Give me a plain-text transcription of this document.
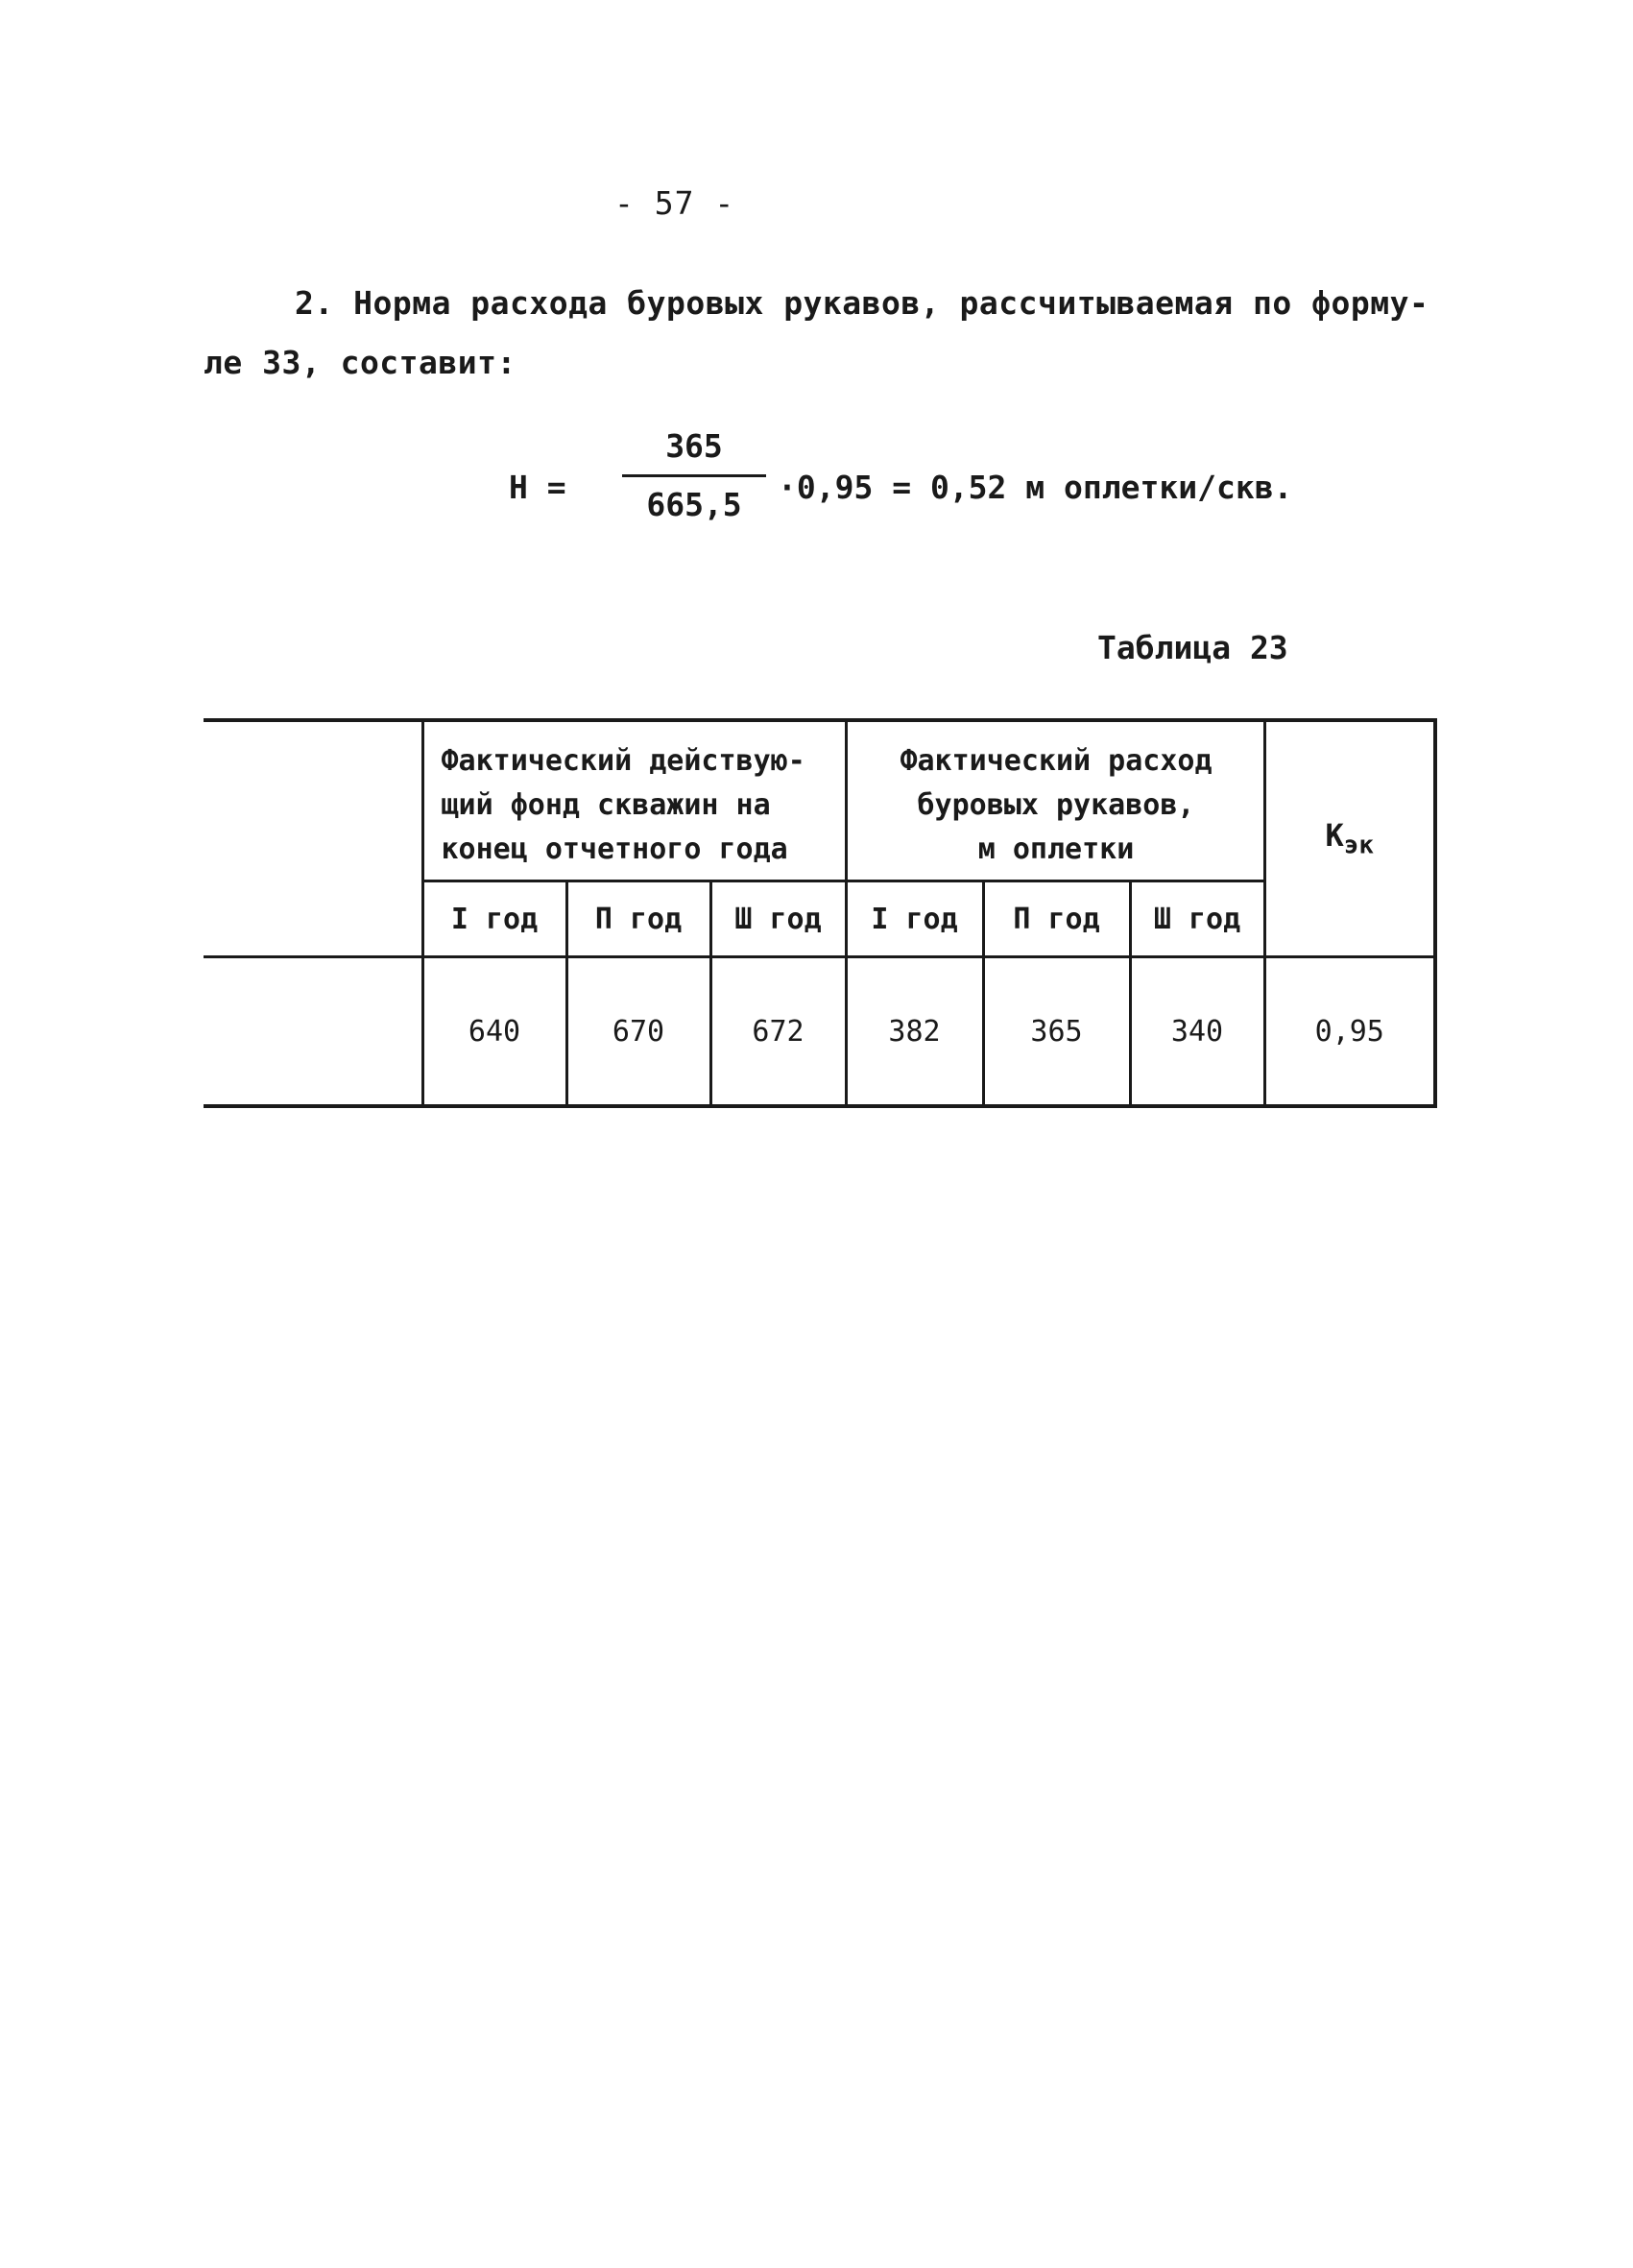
- 57 -
2. Норма расхода буровых рукавов, рассчитываемая по форму-
ле 33, составит:
Н =
365
665,5	·0,95 = 0,52 м оплетки/скв.
Таблица 23
	Фактический действую-
щий фонд скважин на
конец отчетного года			Фактический расход
буровых рукавов,
м оплетки			$К_{эк}$
	I год	П год	Ш год	I год	П год	Ш год	
	640	670	672	382	365	340	0,95
